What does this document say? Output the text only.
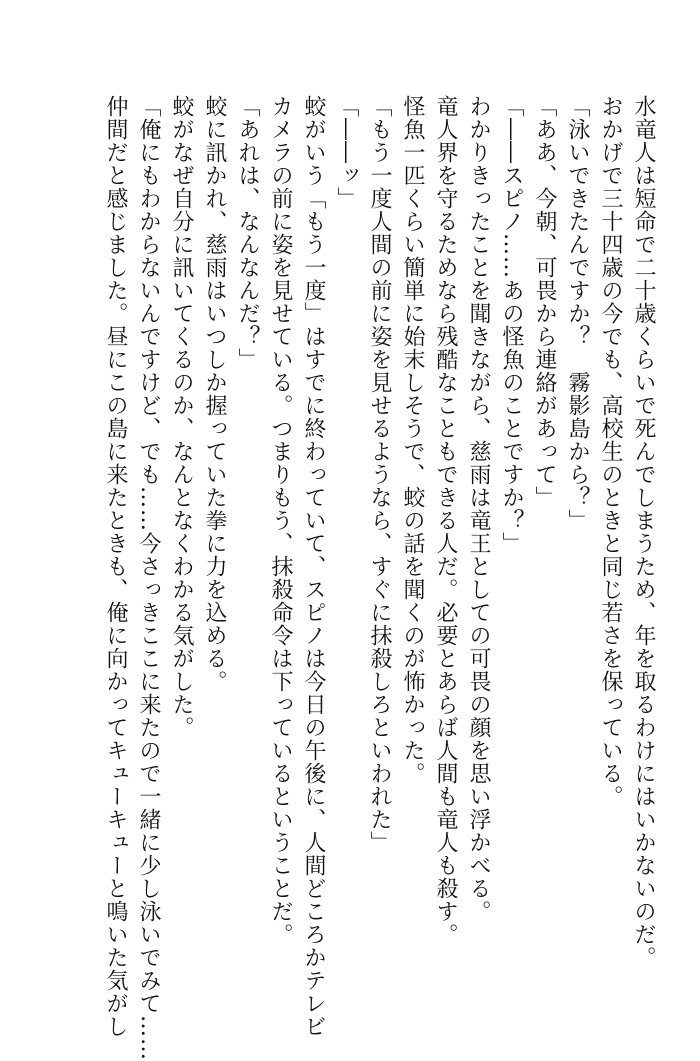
水竜人は短命で二十歳くらいで死んでしまうため、年を取るわけにはいかないのだ。
おかげで三十四歳の今でも、高校生のときと同じ若さを保っている。
「泳いできたんですか？　霧影島から？」
「ああ、今朝、可畏から連絡があって」
「――スピノ……あの怪魚のことですか？」
わかりきったことを聞きながら、慈雨は竜王としての可畏の顔を思い浮かべる。
竜人界を守るためなら残酷なこともできる人だ。必要とあらば人間も竜人も殺す。
怪魚一匹くらい簡単に始末しそうで、蛟の話を聞くのが怖かった。
「もう一度人間の前に姿を見せるようなら、すぐに抹殺しろといわれた」
「――ッ」
蛟がいう「もう一度」はすでに終わっていて、スピノは今日の午後に、人間どころかテレビ
カメラの前に姿を見せている。つまりもう、抹殺命令は下っているということだ。
「あれは、なんなんだ？」
蛟に訊かれ、慈雨はいつしか握っていた拳に力を込める。
蛟がなぜ自分に訊いてくるのか、なんとなくわかる気がした。
「俺にもわからないんですけど、でも……今さっきここに来たので一緒に少し泳いでみて……
仲間だと感じました。昼にこの島に来たときも、俺に向かってキューキューと鳴いた気がし
